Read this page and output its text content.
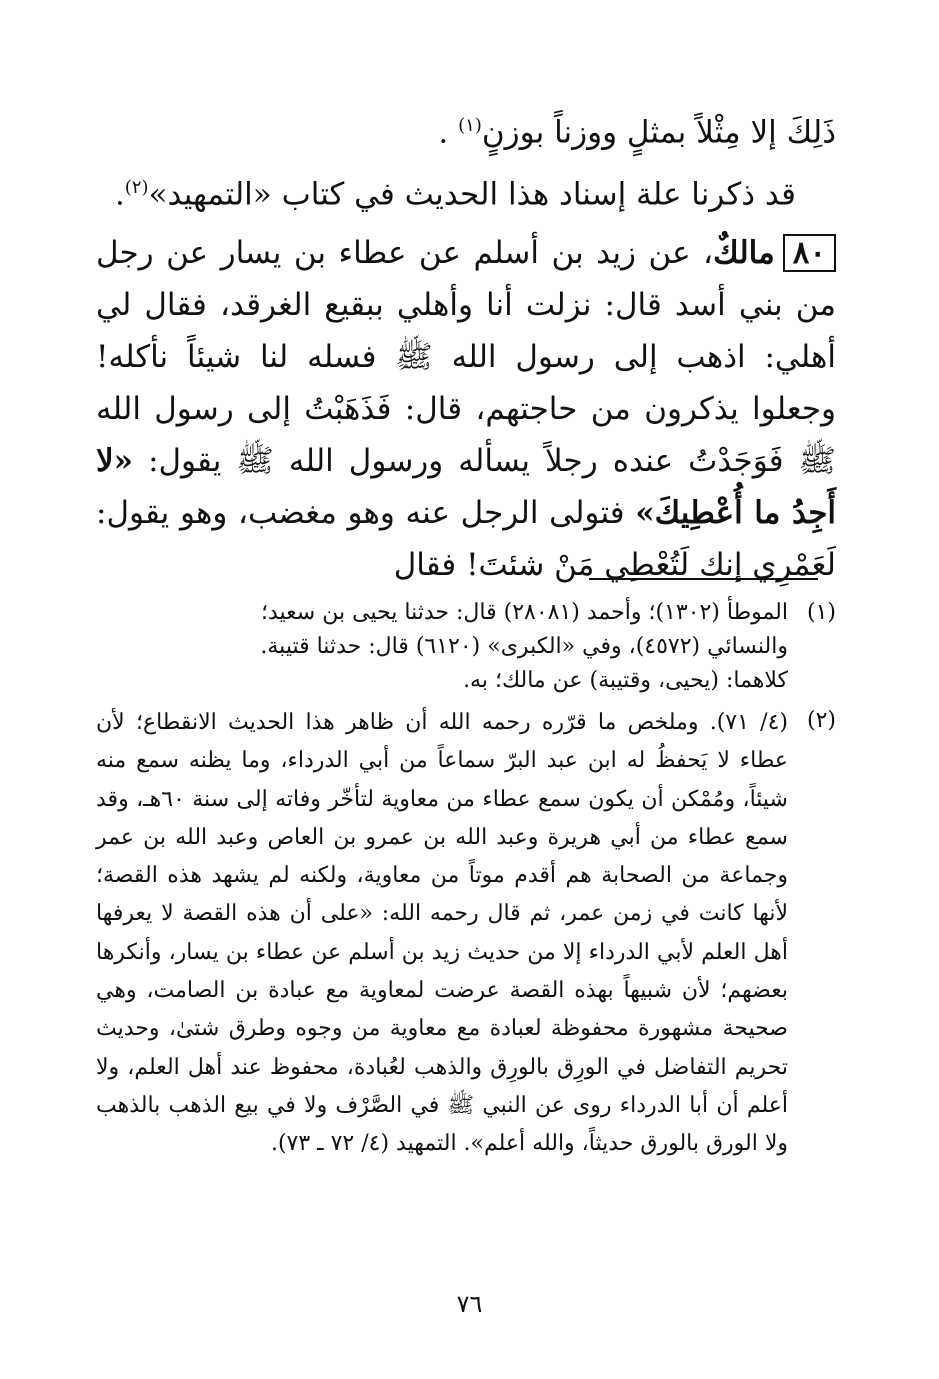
ذَلِكَ إلا مِثْلاً بمثلٍ ووزناً بوزنٍ$^{(١)}$ .

قد ذكرنا علة إسناد هذا الحديث في كتاب «التمهيد»$^{(٢)}$.

٨٠مالكٌ، عن زيد بن أسلم عن عطاء بن يسار عن رجل من بني أسد قال: نزلت أنا وأهلي ببقيع الغرقد، فقال لي أهلي: اذهب إلى رسول الله ﷺ فسله لنا شيئاً نأكله! وجعلوا يذكرون من حاجتهم، قال: فَذَهَبْتُ إلى رسول الله ﷺ فَوَجَدْتُ عنده رجلاً يسأله ورسول الله ﷺ يقول: «لا أَجِدُ ما أُعْطِيكَ» فتولى الرجل عنه وهو مغضب، وهو يقول: لَعَمْرِي إنك لَتُعْطِي مَنْ شئتَ! فقال

(١)
الموطأ (١٣٠٢)؛ وأحمد (٢٨٠٨١) قال: حدثنا يحيى بن سعيد؛
والنسائي (٤٥٧٢)، وفي «الكبرى» (٦١٢٠) قال: حدثنا قتيبة.
كلاهما: (يحيى، وقتيبة) عن مالك؛ به.
(٢)
(٤/ ٧١). وملخص ما قرّره رحمه الله أن ظاهر هذا الحديث الانقطاع؛ لأن عطاء لا يَحفظُ له ابن عبد البرّ سماعاً من أبي الدرداء، وما يظنه سمع منه شيئاً، ومُمْكن أن يكون سمع عطاء من معاوية لتأخّر وفاته إلى سنة ٦٠هـ، وقد سمع عطاء من أبي هريرة وعبد الله بن عمرو بن العاص وعبد الله بن عمر وجماعة من الصحابة هم أقدم موتاً من معاوية، ولكنه لم يشهد هذه القصة؛ لأنها كانت في زمن عمر، ثم قال رحمه الله: «على أن هذه القصة لا يعرفها أهل العلم لأبي الدرداء إلا من حديث زيد بن أسلم عن عطاء بن يسار، وأنكرها بعضهم؛ لأن شبيهاً بهذه القصة عرضت لمعاوية مع عبادة بن الصامت، وهي صحيحة مشهورة محفوظة لعبادة مع معاوية من وجوه وطرق شتىٰ، وحديث تحريم التفاضل في الورِق بالورِق والذهب لعُبادة، محفوظ عند أهل العلم، ولا أعلم أن أبا الدرداء روى عن النبي ﷺ في الصَّرْف ولا في بيع الذهب بالذهب ولا الورق بالورق حديثاً، والله أعلم». التمهيد (٤/ ٧٢ ـ ٧٣).
٧٦
